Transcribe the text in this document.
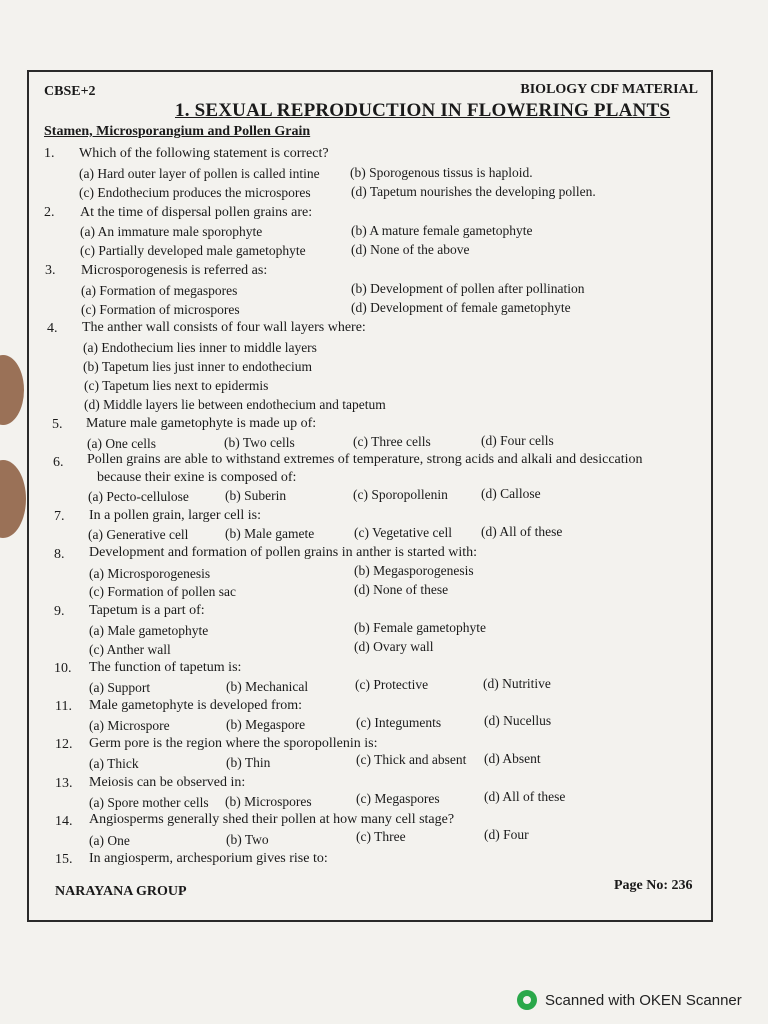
CBSE+2	BIOLOGY CDF MATERIAL
1. SEXUAL REPRODUCTION IN FLOWERING PLANTS
Stamen, Microsporangium and Pollen Grain
1.	Which of the following statement is correct?
(a) Hard outer layer of pollen is called intine (b) Sporogenous tissus is haploid.
(c) Endothecium produces the microspores	(d) Tapetum nourishes the developing pollen.
2.	At the time of dispersal pollen grains are:
(a) An immature male sporophyte	(b) A mature female gametophyte
(c) Partially developed male gametophyte	(d) None of the above
3.	Microsporogenesis is referred as:
(a) Formation of megaspores	(b) Development of pollen after pollination
(c) Formation of microspores	(d) Development of female gametophyte
4.	The anther wall consists of four wall layers where:
(a) Endothecium lies inner to middle layers
(b) Tapetum lies just inner to endothecium
(c) Tapetum lies next to epidermis
(d) Middle layers lie between endothecium and tapetum
5.	Mature male gametophyte is made up of:
(a) One cells	(b) Two cells	(c) Three cells	(d) Four cells
6.	Pollen grains are able to withstand extremes of temperature, strong acids and alkali and desiccation
because their exine is composed of:
(a) Pecto-cellulose	(b) Suberin	(c) Sporopollenin (d) Callose
7.	In a pollen grain, larger cell is:
(a) Generative cell	(b) Male gamete	(c) Vegetative cell (d) All of these
8.	Development and formation of pollen grains in anther is started with:
(a) Microsporogenesis	(b) Megasporogenesis
(c) Formation of pollen sac	(d) None of these
9.	Tapetum is a part of:
(a) Male gametophyte	(b) Female gametophyte
(c) Anther wall	(d) Ovary wall
10.	The function of tapetum is:
(a) Support	(b) Mechanical	(c) Protective	(d) Nutritive
11.	Male gametophyte is developed from:
(a) Microspore	(b) Megaspore	(c) Integuments	(d) Nucellus
12.	Germ pore is the region where the sporopollenin is:
(a) Thick	(b) Thin	(c) Thick and absent (d) Absent
13.	Meiosis can be observed in:
(a) Spore mother cells (b) Microspores	(c) Megaspores	(d) All of these
14.	Angiosperms generally shed their pollen at how many cell stage?
(a) One	(b) Two	(c) Three	(d) Four
15.	In angiosperm, archesporium gives rise to:
NARAYANA GROUP	Page No: 236
Scanned with OKEN Scanner
